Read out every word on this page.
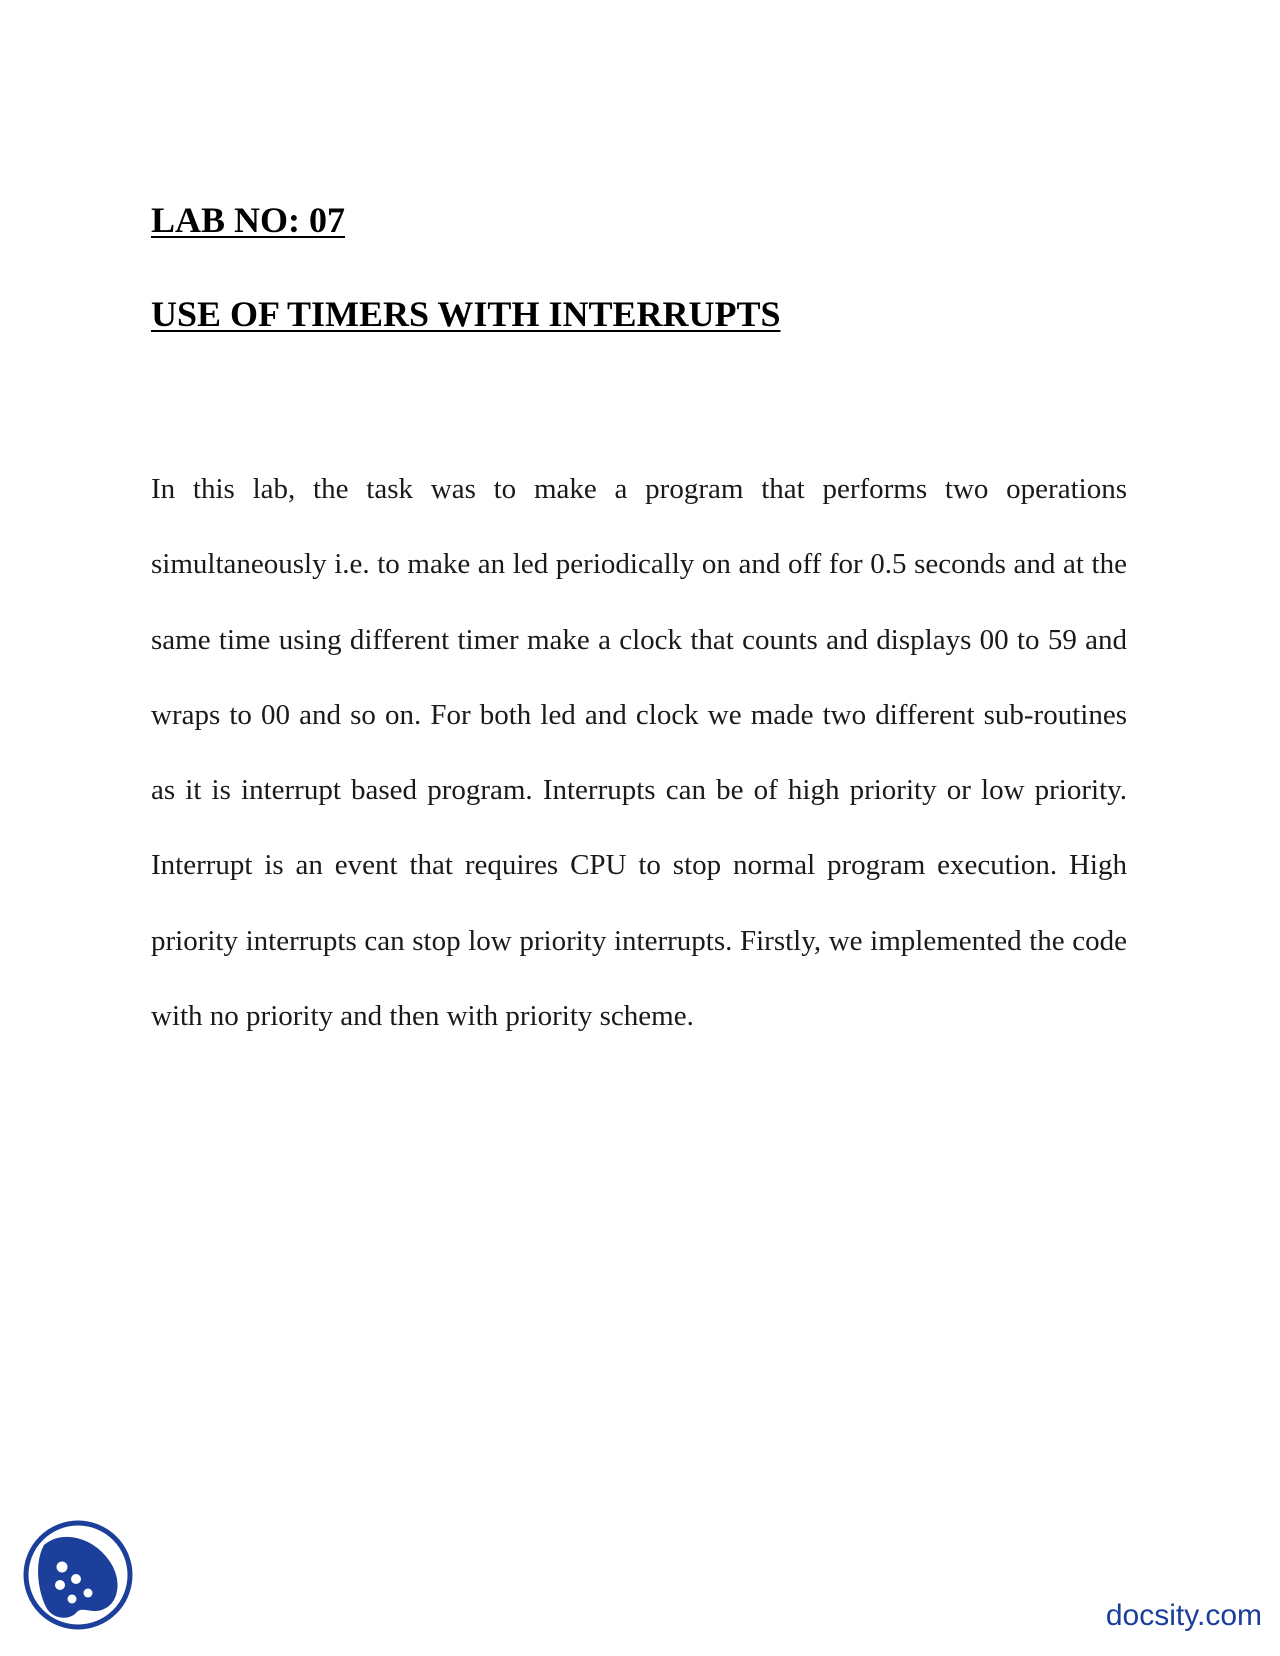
LAB NO: 07
USE OF TIMERS WITH INTERRUPTS

In this lab, the task was to make a program that performs two operations simultaneously i.e. to make an led periodically on and off for 0.5 seconds and at the same time using different timer make a clock that counts and displays 00 to 59 and wraps to 00 and so on. For both led and clock we made two different sub-routines as it is interrupt based program. Interrupts can be of high priority or low priority. Interrupt is an event that requires CPU to stop normal program execution. High priority interrupts can stop low priority interrupts. Firstly, we implemented the code with no priority and then with priority scheme.

docsity.com
